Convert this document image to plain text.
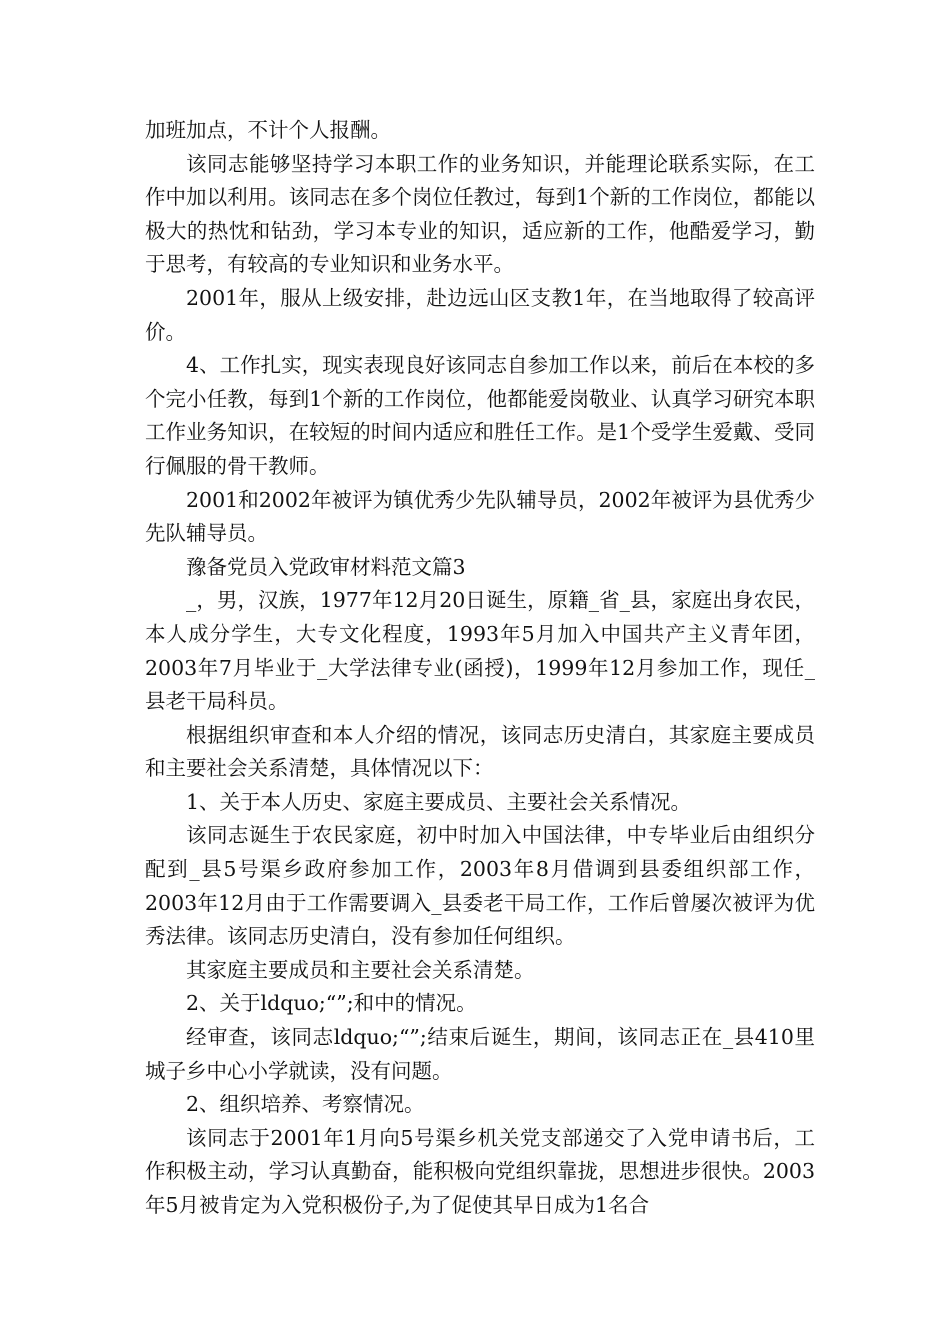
加班加点，不计个人报酬。

该同志能够坚持学习本职工作的业务知识，并能理论联系实际，在工作中加以利用。该同志在多个岗位任教过，每到1个新的工作岗位，都能以极大的热忱和钻劲，学习本专业的知识，适应新的工作，他酷爱学习，勤于思考，有较高的专业知识和业务水平。

2001年，服从上级安排，赴边远山区支教1年，在当地取得了较高评价。

4、工作扎实，现实表现良好该同志自参加工作以来，前后在本校的多个完小任教，每到1个新的工作岗位，他都能爱岗敬业、认真学习研究本职工作业务知识，在较短的时间内适应和胜任工作。是1个受学生爱戴、受同行佩服的骨干教师。

2001和2002年被评为镇优秀少先队辅导员，2002年被评为县优秀少先队辅导员。

豫备党员入党政审材料范文篇3

_，男，汉族，1977年12月20日诞生，原籍_省_县，家庭出身农民，本人成分学生，大专文化程度，1993年5月加入中国共产主义青年团，2003年7月毕业于_大学法律专业(函授)，1999年12月参加工作，现任_县老干局科员。

根据组织审查和本人介绍的情况，该同志历史清白，其家庭主要成员和主要社会关系清楚，具体情况以下：

1、关于本人历史、家庭主要成员、主要社会关系情况。

该同志诞生于农民家庭，初中时加入中国法律，中专毕业后由组织分配到_县5号渠乡政府参加工作，2003年8月借调到县委组织部工作，2003年12月由于工作需要调入_县委老干局工作，工作后曾屡次被评为优秀法律。该同志历史清白，没有参加任何组织。

其家庭主要成员和主要社会关系清楚。

2、关于ldquo;“”;和中的情况。

经审查，该同志ldquo;“”;结束后诞生，期间，该同志正在_县410里城子乡中心小学就读，没有问题。

2、组织培养、考察情况。

该同志于2001年1月向5号渠乡机关党支部递交了入党申请书后，工作积极主动，学习认真勤奋，能积极向党组织靠拢，思想进步很快。2003年5月被肯定为入党积极份子,为了促使其早日成为1名合
